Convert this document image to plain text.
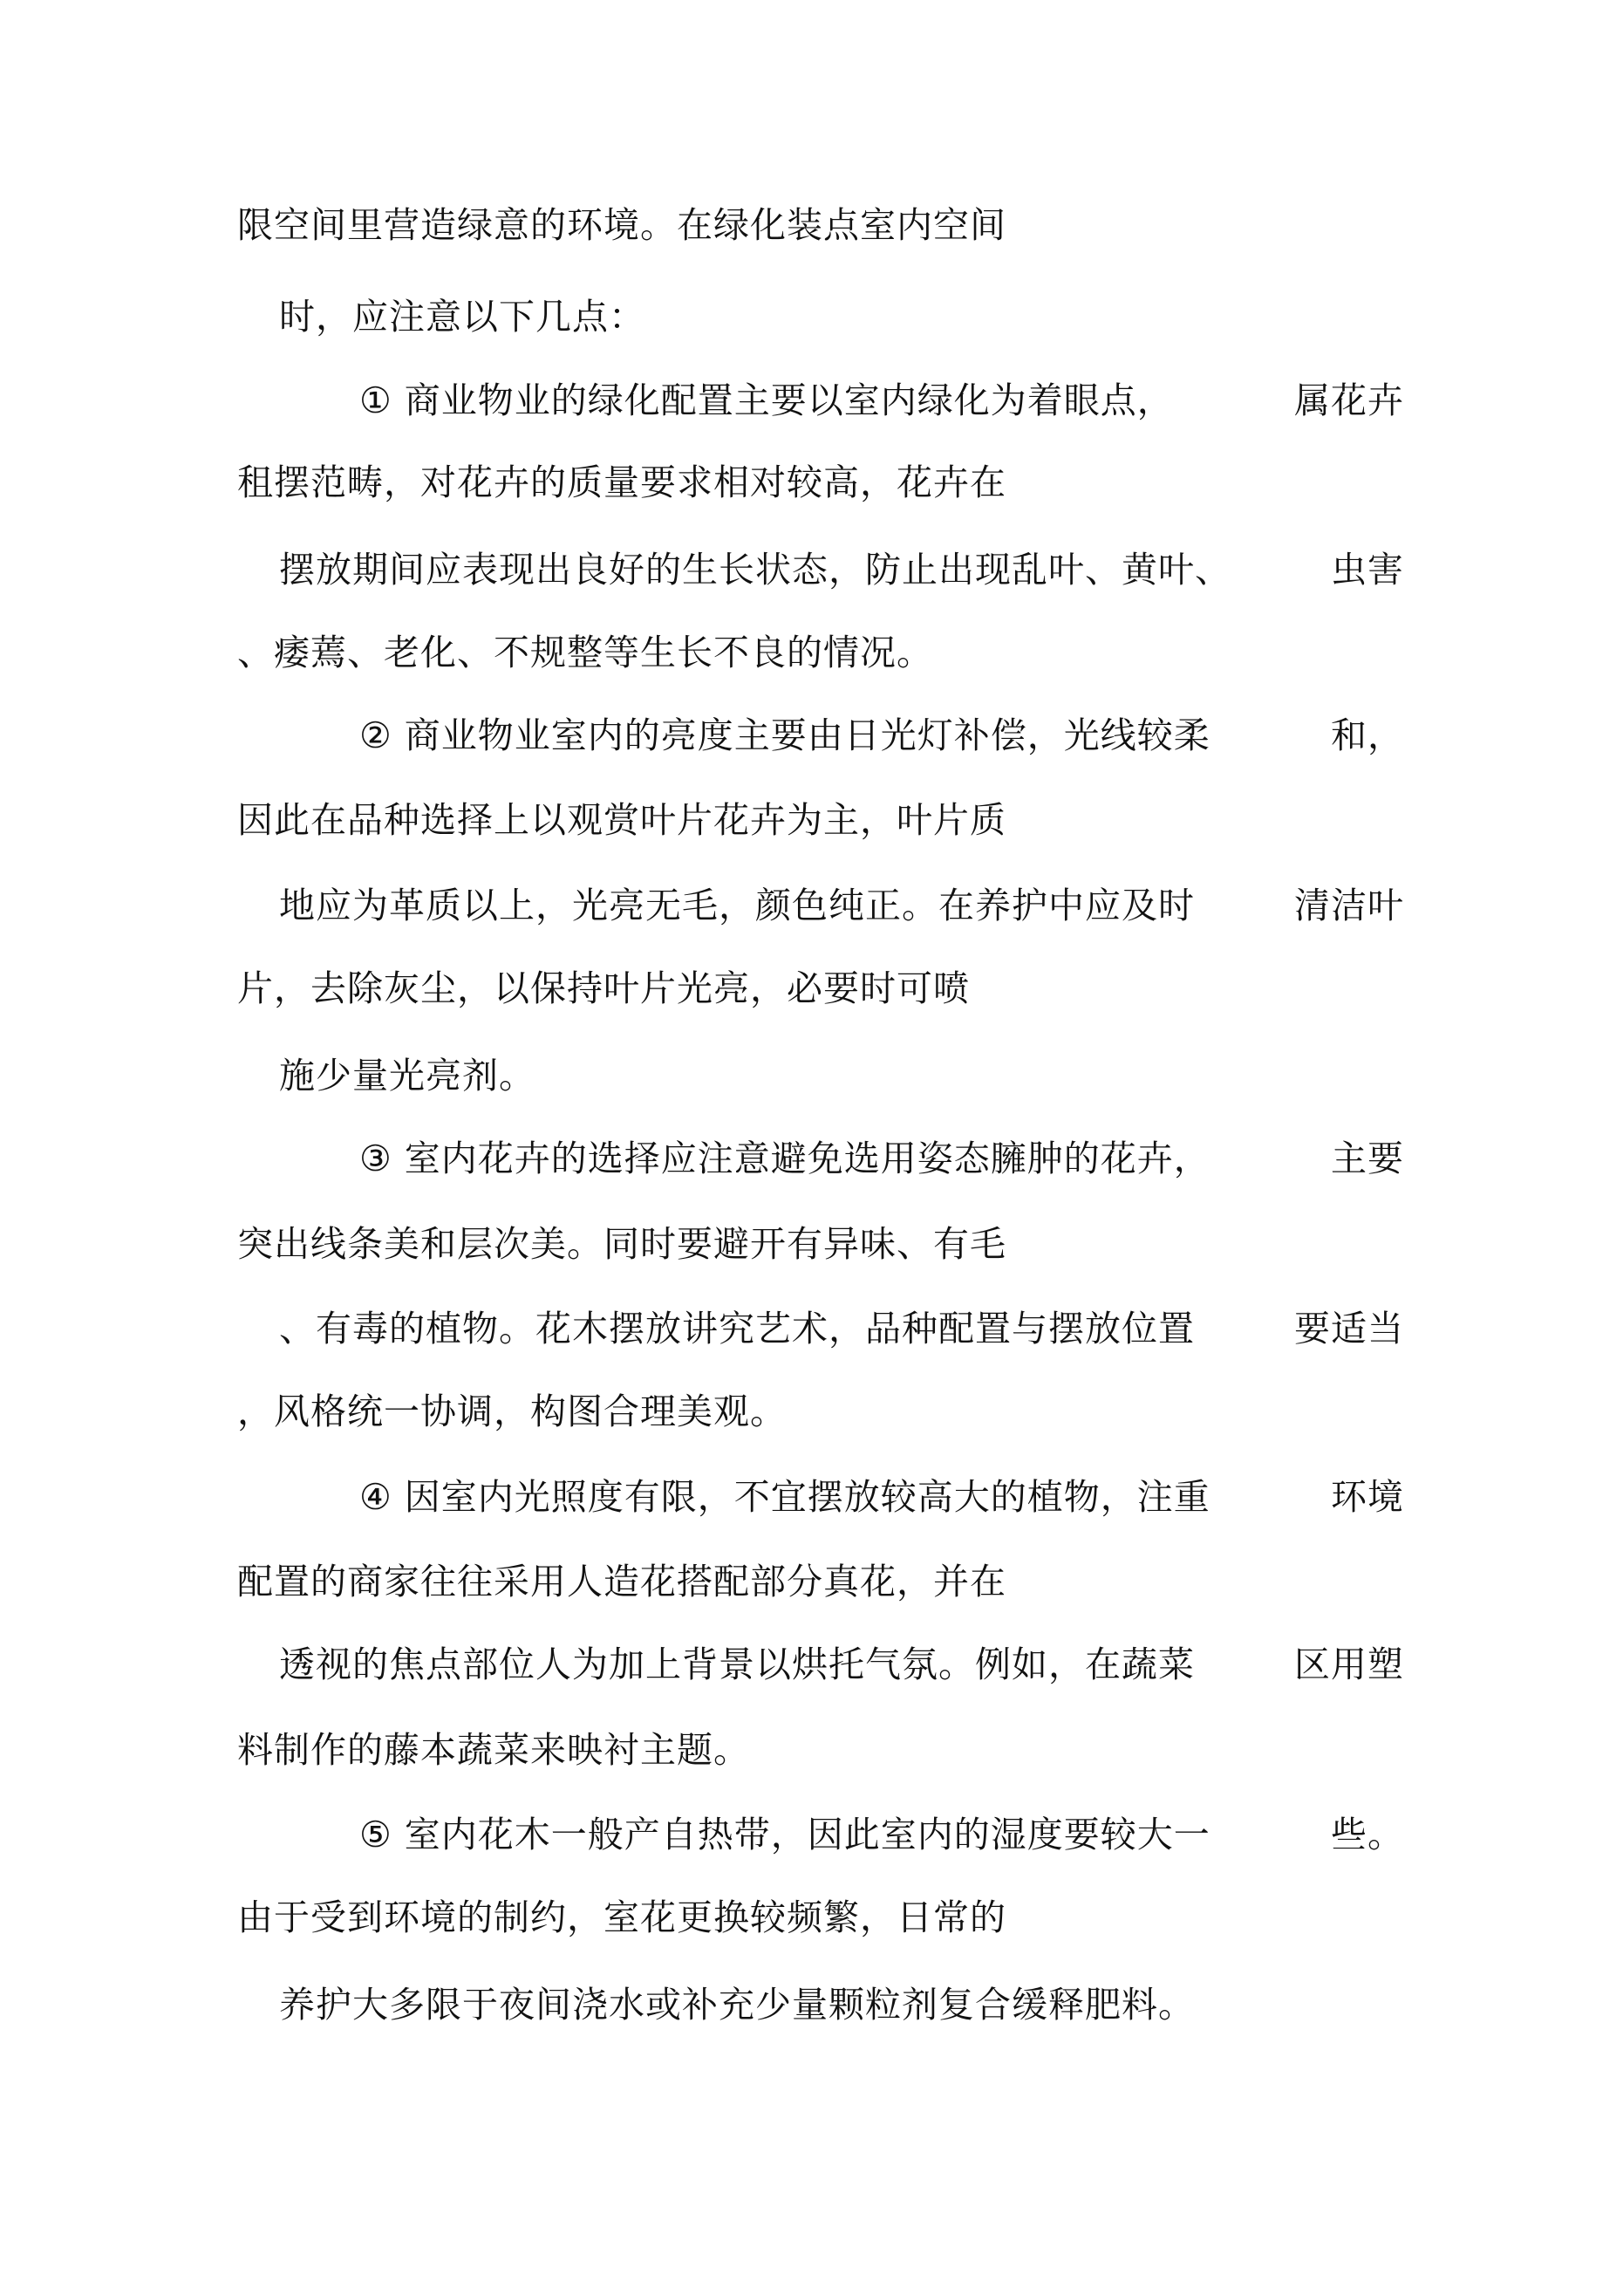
限空间里营造绿意的环境。在绿化装点室内空间
时，应注意以下几点：
① 商业物业的绿化配置主要以室内绿化为着眼点，	属花卉
租摆范畴，对花卉的质量要求相对较高，花卉在
摆放期间应表现出良好的生长状态，防止出现乱叶、黄叶、	虫害
、痿蔫、老化、不规整等生长不良的情况。
② 商业物业室内的亮度主要由日光灯补偿，光线较柔	和，
因此在品种选择上以观赏叶片花卉为主，叶片质
地应为革质以上，光亮无毛，颜色纯正。在养护中应及时	清洁叶
片，去除灰尘，以保持叶片光亮，必要时可喷
施少量光亮剂。
③ 室内花卉的选择应注意避免选用姿态臃肿的花卉，	主要
突出线条美和层次美。同时要避开有异味、有毛
、有毒的植物。花木摆放讲究艺术，品种配置与摆放位置	要适当
，风格统一协调，构图合理美观。
④ 因室内光照度有限，不宜摆放较高大的植物，注重	环境
配置的商家往往采用人造花搭配部分真花，并在
透视的焦点部位人为加上背景以烘托气氛。例如，在蔬菜	区用塑
料制作的藤本蔬菜来映衬主题。
⑤ 室内花木一般产自热带，因此室内的湿度要较大一	些。
由于受到环境的制约，室花更换较频繁，日常的
养护大多限于夜间浇水或补充少量颗粒剂复合缓释肥料。
